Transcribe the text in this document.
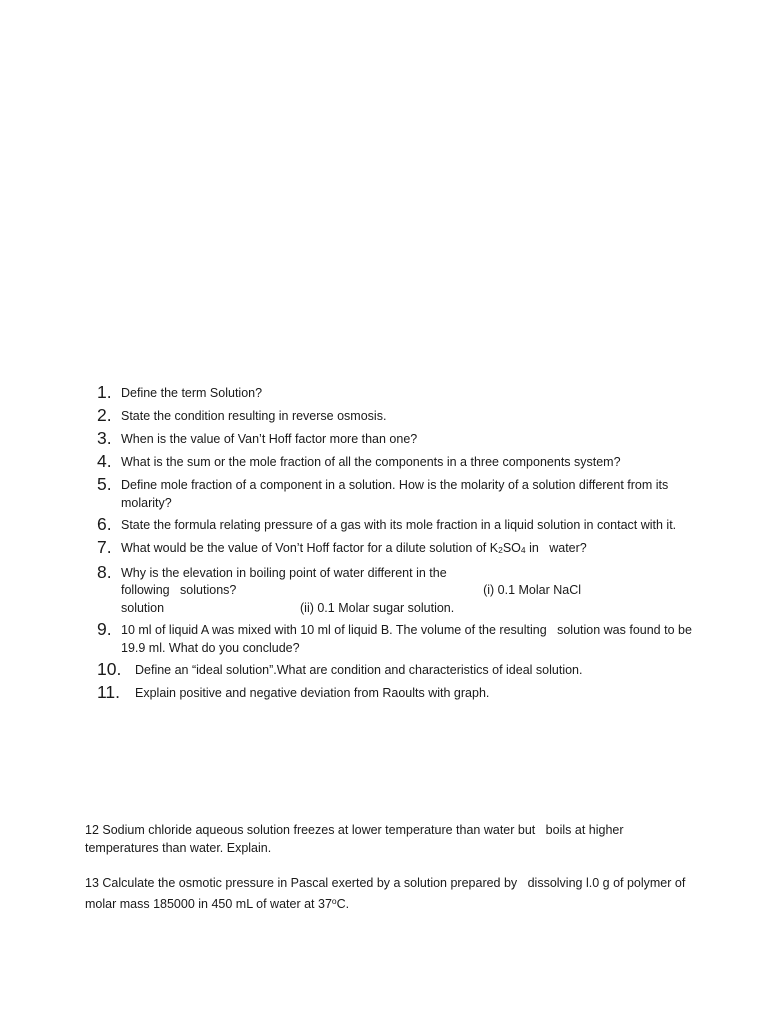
1. Define the term Solution?
2. State the condition resulting in reverse osmosis.
3. When is the value of Van’t Hoff factor more than one?
4. What is the sum or the mole fraction of all the components in a three components system?
5. Define mole fraction of a component in a solution. How is the molarity of a solution different from its molarity?
6. State the formula relating pressure of a gas with its mole fraction in a liquid solution in contact with it.
7. What would be the value of Von’t Hoff factor for a dilute solution of $K_2SO_4$ in   water?
8. Why is the elevation in boiling point of water different in the
following   solutions?	(i) 0.1 Molar NaCl
solution	(ii) 0.1 Molar sugar solution.
9. 10 ml of liquid A was mixed with 10 ml of liquid B. The volume of the resulting   solution was found to be 19.9 ml. What do you conclude?
10.	Define an “ideal solution”.What are condition and characteristics of ideal solution.
11.	Explain positive and negative deviation from Raoults with graph.

12 Sodium chloride aqueous solution freezes at lower temperature than water but   boils at higher temperatures than water. Explain.

13 Calculate the osmotic pressure in Pascal exerted by a solution prepared by   dissolving l.0 g of polymer of molar mass 185000 in 450 mL of water at 37$^o$C.
